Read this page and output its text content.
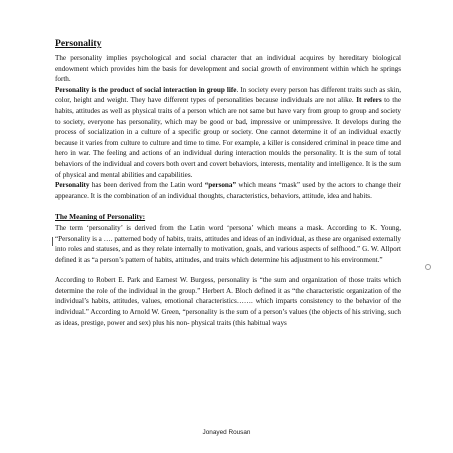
Personality

The personality implies psychological and social character that an individual acquires by hereditary biological endowment which provides him the basis for development and social growth of environment within which he springs forth.

Personality is the product of social interaction in group life. In society every person has different traits such as skin, color, height and weight. They have different types of personalities because individuals are not alike. It refers to the habits, attitudes as well as physical traits of a person which are not same but have vary from group to group and society to society, everyone has personality, which may be good or bad, impressive or unimpressive. It develops during the process of socialization in a culture of a specific group or society. One cannot determine it of an individual exactly because it varies from culture to culture and time to time. For example, a killer is considered criminal in peace time and hero in war. The feeling and actions of an individual during interaction moulds the personality. It is the sum of total behaviors of the individual and covers both overt and covert behaviors, interests, mentality and intelligence. It is the sum of physical and mental abilities and capabilities.

Personality has been derived from the Latin word “persona” which means “mask” used by the actors to change their appearance. It is the combination of an individual thoughts, characteristics, behaviors, attitude, idea and habits.

The Meaning of Personality:

The term ‘personality’ is derived from the Latin word ‘persona’ which means a mask. According to K. Young, “Personality is a …. patterned body of habits, traits, attitudes and ideas of an individual, as these are organised externally into roles and statuses, and as they relate internally to motivation, goals, and various aspects of selfhood.” G. W. Allport defined it as “a person’s pattern of habits, attitudes, and traits which determine his adjustment to his environment.”

According to Robert E. Park and Earnest W. Burgess, personality is “the sum and organization of those traits which determine the role of the individual in the group.” Herbert A. Bloch defined it as “the characteristic organization of the individual’s habits, attitudes, values, emotional characteristics……. which imparts consistency to the behavior of the individual.” According to Arnold W. Green, “personality is the sum of a person’s values (the objects of his striving, such as ideas, prestige, power and sex) plus his non- physical traits (this habitual ways

Jonayed Rousan
